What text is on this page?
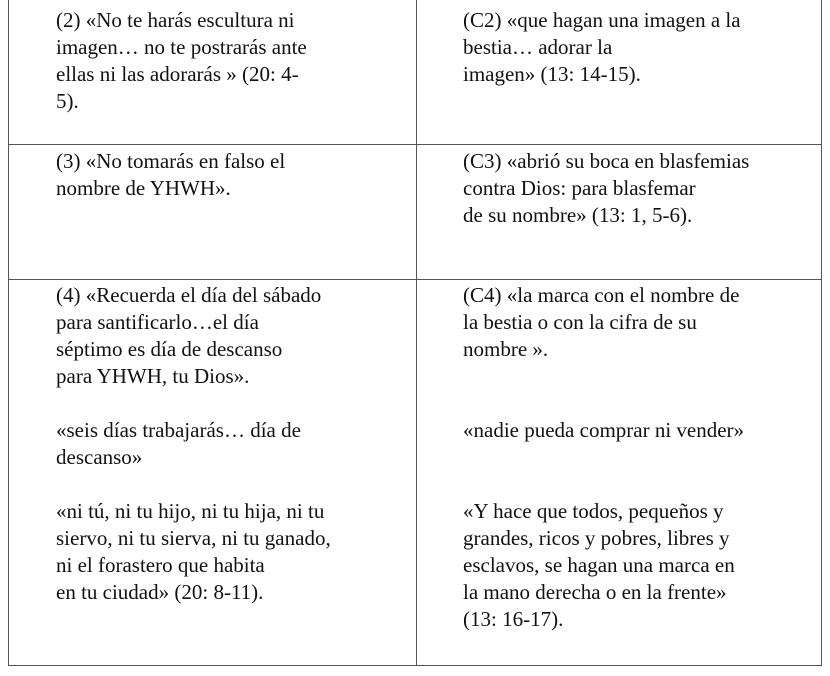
(2) «No te harás escultura ni
imagen… no te postrarás ante
ellas ni las adorarás » (20: 4-
5).

(C2) «que hagan una imagen a la
bestia… adorar la
imagen» (13: 14-15).

(3) «No tomarás en falso el
nombre de YHWH».

(C3) «abrió su boca en blasfemias
contra Dios: para blasfemar
de su nombre» (13: 1, 5-6).

(4) «Recuerda el día del sábado
para santificarlo…el día
séptimo es día de descanso
para YHWH, tu Dios».

«seis días trabajarás… día de
descanso»

«ni tú, ni tu hijo, ni tu hija, ni tu
siervo, ni tu sierva, ni tu ganado,
ni el forastero que habita
en tu ciudad» (20: 8-11).

(C4) «la marca con el nombre de
la bestia o con la cifra de su
nombre ».

«nadie pueda comprar ni vender»

«Y hace que todos, pequeños y
grandes, ricos y pobres, libres y
esclavos, se hagan una marca en
la mano derecha o en la frente»
(13: 16-17).
